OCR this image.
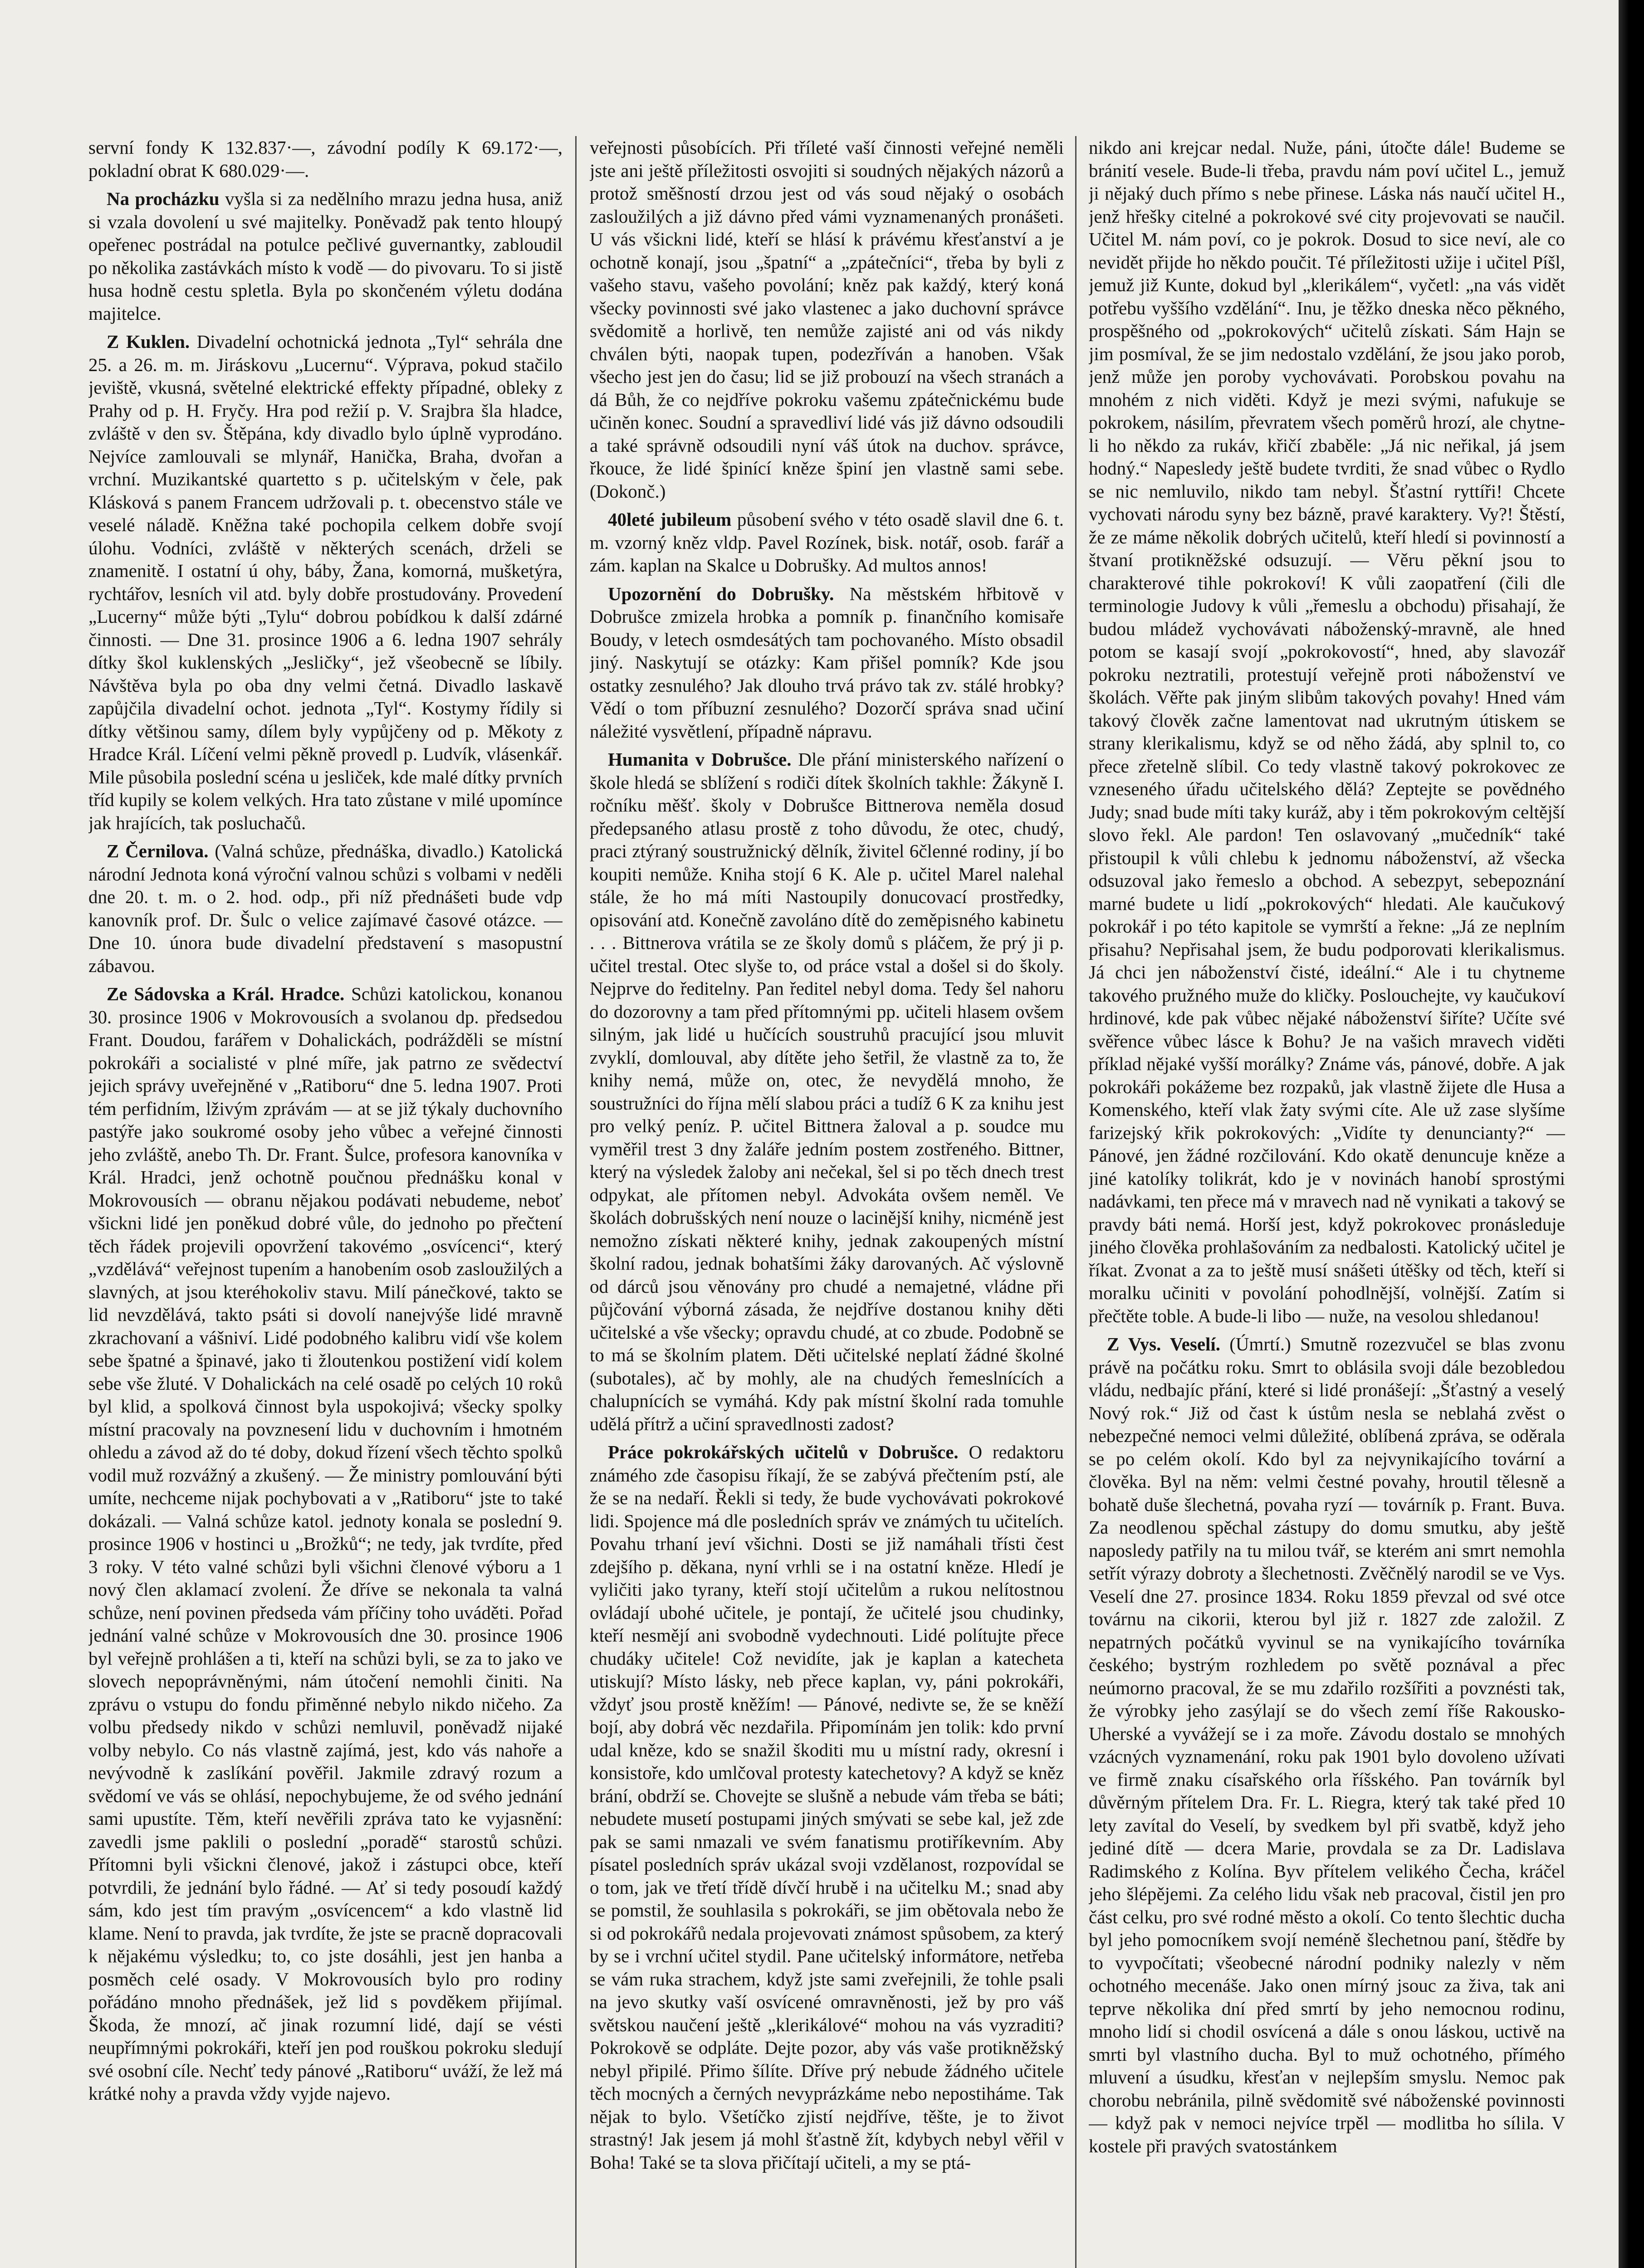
servní fondy K 132.837·—, závodní podíly K 69.172·—, pokladní obrat K 680.029·—.

Na procházku vyšla si za nedělního mrazu jedna husa, aniž si vzala dovolení u své majitelky. Poněvadž pak tento hloupý opeřenec postrádal na potulce pečlivé guvernantky, zabloudil po několika zastávkách místo k vodě — do pivovaru. To si jistě husa hodně cestu spletla. Byla po skončeném výletu dodána majitelce.

Z Kuklen. Divadelní ochotnická jednota „Tyl“ sehrála dne 25. a 26. m. m. Jiráskovu „Lucernu“. Výprava, pokud stačilo jeviště, vkusná, světelné elektrické effekty případné, obleky z Prahy od p. H. Fryčy. Hra pod režií p. V. Srajbra šla hladce, zvláště v den sv. Štěpána, kdy divadlo bylo úplně vyprodáno. Nejvíce zamlouvali se mlynář, Haničk​a, Braha, dvořan a vrchní. Muzikantské quartetto s p. učitelským v čele, pak Klásková s panem Francem udržovali p. t. obecenstvo stále ve veselé náladě. Kněžna také pochopila celkem dobře svojí úlohu. Vodníci, zvláště v některých scenách, drželi se znamenitě. I ostatní ú ohy, báby, Žana, komorná, mušketýra, rychtářov, lesních vil atd. byly dobře prostudovány. Provedení „Lucerny“ může býti „Tylu“ dobrou pobídkou k další zdárné činnosti. — Dne 31. prosince 1906 a 6. ledna 1907 sehrály dítky škol kuklenských „Jesličky“, jež všeobecně se líbily. Návštěva byla po oba dny velmi četná. Divadlo laskavě zapůjčila divadelní ochot. jednota „Tyl“. Kostymy řídily si dítky většinou samy, dílem byly vypůjčeny od p. Měkoty z Hradce Král. Líčení velmi pěkně provedl p. Ludvík, vlásenkář. Mile působila poslední scéna u jesliček, kde malé dítky prvníc​h tříd kupily se kolem velkých. Hra tato zůstane v milé upomínce jak hrajících, tak posluchačů.

Z Černilova. (Valná schůze, přednáška, divadlo.) Katolická národní Jednota koná výroční valnou schůzi s volbami v neděli dne 20. t. m. o 2. hod. odp., při níž přednášeti bude vdp kanovník prof. Dr. Šulc o velice zajímavé časové otázce. — Dne 10. února bude divadelní představení s masopustní zábavou.

Ze Sádovska a Král. Hradce. Schůzi katolickou, konanou 30. prosince 1906 v Mokrovousích a svolanou dp. předsedou Frant. Doudou, farářem v Dohalickách, podrážděli se místní pokrokáři a socialisté v plné míře, jak patrno ze svědectví jejich správy uveřejněné v „Ratiboru“ dne 5. ledna 1907. Proti tém perfidním, lživým zprávám — at se již týkaly duchovního pastýře jako soukromé osoby jeho vůbec a veřejné činnosti jeho zvláště, anebo Th. Dr. Frant. Šulce, profesora kanovníka v Král. Hradci, jenž ochotně poučnou přednášku konal v Mokrovousích — obranu nějakou podávati nebudeme, neboť všickni lidé jen poněkud dobré vůle, do jednoho po přečtení těch řádek projevili opovržení takovémo „osvícenci“, který „vzdělává“ veřejnost tupením a hanobením osob zasloužilých a slavných, at jsou kteréhokoliv stavu. Milí pánečkové, takto se lid nevzdělává, takto psáti si dovolí nanejvýše lidé mravně zkrachovaní a vášniví. Lidé podobného kalibru vidí vše kolem sebe špatné a špinavé, jako ti žloutenkou postižení vidí kolem sebe vše žluté. V Dohalickách na celé osadě po celých 10 roků byl klid, a spolková činnost byla uspokojivá; všecky spolky místní pracovaly na povznesení lidu v duchovním i hmotném ohledu a závod až do té doby, dokud řízení všech těchto spolků vodil muž rozvážný a zkušený. — Že ministry pomlouvání býti umíte, nechceme nijak pochybovati a v „Ratiboru“ jste to také dokázali. — Valná schůze katol. jednoty konala se poslední 9. prosince 1906 v hostinci u „Brožků“; ne tedy, jak tvrdíte, před 3 roky. V této valné schůzi byli všichni členové výboru a 1 nový člen aklamací zvolení. Že dříve se nekonala ta valná schůze, není povinen předseda vám příčiny toho uváděti. Pořad jednání valné schůze v Mokrovousích dne 30. prosince 1906 byl veřejně prohlášen a ti, kteří na schůzi byli, se za to jako ve slovech nepoprávněnými, nám útočení nemohli činiti. Na zprávu o vstupu do fondu přiměnné nebylo nikdo ničeho. Za volbu předsedy nikdo v schůzi nemluvil, poněvadž nijaké volby nebylo. Co nás vlastně zajímá, jest, kdo vás nahoře a nevývodně k zaslíkání pověřil. Jakmile zdravý rozum a svědomí ve vás se ohlásí, nepochybujeme, že od svého jednání sami upustíte. Těm, kteří nevěřili zpráva tato ke vyjasnění: zavedli jsme paklili o poslední „poradě“ starostů schůzi. Přítomni byli všickni členové, jakož i zástupci obce, kteří potvrdili, že jednání bylo řádné. — Ať si tedy posoudí každý sám, kdo jest tím pravým „osvícencem“ a kdo vlastně lid klame. Není to pravda, jak tvrdíte, že jste se pracně dopracovali k nějakému výsledku; to, co jste dosáhli, jest jen hanba a posměch celé osady. V Mokrovousích bylo pro rodiny pořádáno mnoho přednášek, jež lid s povděkem přijímal. Škoda, že mnozí, ač jinak rozumní lidé, dají se vésti neupřímnými pokrokáři, kteří jen pod rouškou pokroku sledují své osobní cíle. Nechť tedy pánové „Ratiboru“ uváží, že lež má krátké nohy a pravda vždy vyjde najevo.

veřejnosti působících. Při tříleté vaší činnosti veřejné neměli jste ani ještě příležitosti osvojiti si soudných nějakých názorů a protož směšností drzou jest od vás soud nějaký o osobách zasloužilých a již dávno před vámi vyznamenaných pronášeti. U vás všickni lidé, kteří se hlásí k právému křesťanství a je ochotně konají, jsou „špatní“ a „zpátečníci“, třeba by byli z vašeho stavu, vašeho povolání; kněz pak každý, který koná všecky povinnosti své jako vlastenec a jako duchovní správce svědomitě a horlivě, ten nemůže zajisté ani od vás nikdy chválen býti, naopak tupen, podezříván a hanoben. Však všecho jest jen do času; lid se již probouzí na všech stranách a dá Bůh, že co nejdříve pokroku vašemu zpátečnickému bude učiněn konec. Soudní a spravedliví lidé vás již dávno odsoudili a také správně odsoudili nyní váš útok na duchov. správce, řkouce, že lidé špinící kněze špiní jen vlastně sami sebe. (Dokonč.)

40leté jubileum působení svého v této osadě slavil dne 6. t. m. vzorný kněz vldp. Pavel Rozínek, bisk. notář, osob. farář a zám. kaplan na Skalce u Dobrušky. Ad multos annos!

Upozornění do Dobrušky. Na městském hřbitově v Dobrušce zmizela hrobka a pomník p. finančního komisaře Boudy, v letech osmdesátých tam pochovaného. Místo obsadil jiný. Naskytují se otázky: Kam přišel pomník? Kde jsou ostatky zesnulého? Jak dlouho trvá právo tak zv. stálé hrobky? Vědí o tom příbuzní zesnulého? Dozorčí správa snad učiní náležité vysvětlení, případně nápravu.

Humanita v Dobrušce. Dle přání ministerského nařízení o škole hledá se sblížení s rodiči dítek školních takhle: Žákyně I. ročníku měšť. školy v Dobrušce Bittnerova neměla dosud předepsaného atlasu prostě z toho důvodu, že otec, chudý, praci ztýraný soustružnický dělník, živitel 6členné rodiny, jí bo koupiti nemůže. Kniha stojí 6 K. Ale p. učitel Marel nalehal stále, že ho má míti Nastoupily donucovací prostředky, opisování atd. Konečně zavoláno dítě do zeměpisného kabinetu . . . Bittnerova vrátila se ze školy domů s pláčem, že prý ji p. učitel trestal. Otec slyše to, od práce vstal a došel si do školy. Nejprve do ředitelny. Pan ředitel nebyl doma. Tedy šel nahoru do dozorovny a tam před přítomnými pp. učiteli hlasem ovšem silným, jak lidé u hučících soustruhů pracující jsou mluvit zvyklí, domlouval, aby dítěte jeho šetřil, že vlastně za to, že knihy nemá, může on, otec, že nevydělá mnoho, že soustružníci do října mělí slabou práci a tudíž 6 K za knihu jest pro velký peníz. P. učitel Bittnera žaloval a p. soudce mu vyměřil trest 3 dny žaláře jedním postem zostřeného. Bittner, který na výsledek žaloby ani nečekal, šel si po těch dnech trest odpykat, ale přítomen nebyl. Advokáta ovšem neměl. Ve školách dobrušských není nouze o lacinější knihy, nicméně jest nemožno získati některé knihy, jednak zakoupených místní školní radou, jednak bohatšími žáky darovaných. Ač výslovně od dárců jsou věnovány pro chudé a nemajetné, vládne při půjčování výborná zásada, že nejdříve dostanou knihy děti učitelské a vše všecky; opravdu chudé, at co zbude. Podobně se to má se školním platem. Děti učitelské neplatí žádné školné (subotales), ač by mohly, ale na chudých řemeslnících a chalupnících se vymáhá. Kdy pak místní školní rada tomuhle udělá přítrž a učiní spravedlnosti zadost?

Práce pokrokářských učitelů v Dobrušce. O redaktoru známého zde časopisu říkají, že se zabývá přečtením pstí, ale že se na nedaří. Řekli si tedy, že bude vychovávati pokrokové lidi. Spojence má dle posledních správ ve známých tu učitelích. Povahu trhaní jeví všichni. Dosti se již namáhali třísti čest zdejšího p. děkana, nyní vrhli se i na ostatní kněze. Hledí je vyličiti jako tyrany, kteří stojí učitelům a rukou nelítostnou ovládají ubohé učitele, je pontají, že učitelé jsou chudinky, kteří nesmějí ani svobodně vydechnouti. Lidé polítujte přece chudáky učitele! Což nevidíte, jak je kaplan a katecheta utiskují? Místo lásky, neb přece kaplan, vy, páni pokrokáři, vždyť jsou prostě kněžím! — Pánové, nedivte se, že se kněží bojí, aby dobrá věc nezdařila. Připomínám jen tolik: kdo první udal kněze, kdo se snažil škoditi mu u místní rady, okresní i konsistoře, kdo umlčoval protesty katechetovy? A když se kněz brání, obdrží se. Chovejte se slušně a nebude vám třeba se báti; nebudete musetí postupami jiných smývati se sebe kal, jež zde pak se sami nmazali ve svém fanatismu protiříkevním. Aby písatel posledních správ ukázal svoji vzdělanost, rozpovídal se o tom, jak ve třetí třídě dívčí hrubě i na učitelku M.; snad aby se pomstil, že souhlasila s pokrokáři, se jim obětovala nebo že si od pokrokářů nedala projevovati známost spůsobem, za který by se i vrchní učitel stydil. Pane učitelský informátore, netřeba se vám ruka strachem, když jste sami zveřejnili, že tohle psali na jevo skutky vaší osvícené omravněnosti, jež by pro váš světskou naučení ještě „klerikálové“ mohou na vás vyzraditi? Pokrokově se odpláte. Dejte pozor, aby vás vaše protikněžský nebyl připilé. Přimo šílíte. Dříve prý nebude žádného učitele těch mocných a černých nevyprázkáme nebo nepostiháme. Tak nějak to bylo. Všetíčko zjistí nejdříve, těšte, je to život strastný! Jak jesem já mohl šťastně žít, kdybych nebyl věřil v Boha! Také se ta slova přičítají učiteli, a my se ptá-

nikdo ani krejcar nedal. Nuže, páni, útočte dále! Budeme se bránití vesele. Bude-li třeba, pravdu nám poví učitel L., jemuž ji nějaký duch přímo s nebe přinese. Láska nás naučí učitel H., jenž hřešky citelné a pokrokové své city projevovati se naučil. Učitel M. nám poví, co je pokrok. Dosud to sice neví, ale co nevidět přijde ho někdo poučit. Té příležitosti užije i učitel Píšl, jemuž již Kunte, dokud byl „klerikálem“, vyčetl: „na vás vidět potřebu vyššího vzdělání“. Inu, je těžko dneska něco pěkného, prospěšného od „pokrokových“ učitelů získati. Sám Hajn se jim posmíval, že se jim nedostalo vzdělání, že jsou jako porob, jenž může jen poroby vychovávati. Porobskou povahu na mnohém z nich viděti. Když je mezi svými, nafukuje se pokrokem, násilím, převratem všech poměrů hrozí, ale chytne-li ho někdo za rukáv, křičí zbaběle: „Já nic neřikal, já jsem hodný.“ Napesledy ještě budete tvrditi, že snad vůbec o Rydlo se nic nemluvilo, nikdo tam nebyl. Šťastní ryttíři! Chcete vychovati národu syny bez bázně, pravé karaktery. Vy?! Štěstí, že ze máme několik dobrých učitelů, kteří hledí si povinností a štvaní protikněžské odsuzují. — Věru pěkní jsou to charakterové tihle pokrokoví! K vůli zaopatření (čili dle terminologie Judovy k vůli „řemeslu a obchodu) přisahají, že budou mládež vychovávati náboženský-mravně, ale hned potom se kasají svojí „pokrokovostí“, hned, aby slavozář pokroku neztratili, protestují veřejně proti náboženství ve školách. Věřte pak jiným slibům takových povahy! Hned vám takový člověk začne lamentovat nad ukrutným útiskem se strany klerikalismu, když se od něho žádá, aby splnil to, co přece zřetelně slíbil. Co tedy vlastně takový pokrokovec ze vzneseného úřadu učitelského dělá? Zeptejte se povědného Judy; snad bude míti taky kuráž, aby i těm pokrokovým celtější slovo řekl. Ale pardon! Ten oslavovaný „mučedník“ také přistoupil k vůli chlebu k jednomu náboženství, až všecka odsuzoval jako řemeslo a obchod. A sebezpyt, sebepoznání marné budete u lidí „pokrokových“ hledati. Ale kaučukový pokrokář i po této kapitole se vymrští a řekne: „Já ze neplním přisahu? Nepřisahal jsem, že budu podporovati klerikalismus. Já chci jen náboženství čisté, ideální.“ Ale i tu chytneme takového pružného muže do kličky. Poslouchejte, vy kaučukoví hrdinové, kde pak vůbec nějaké náboženství šiříte? Učíte své svěřence vůbec lásce k Bohu? Je na vašich mravech viděti příklad nějaké vyšší morálky? Známe vás, pánové, dobře. A jak pokrokáři pokážeme bez rozpaků, jak vlastně žijete dle Husa a Komenského, kteří vlak žaty svými cíte. Ale už zase slyšíme farizejský křik pokrokových: „Vidíte ty denuncianty?“ — Pánové, jen žádné rozčilování. Kdo okatě denuncuje kněze a jiné katolíky tolikrát, kdo je v novinách hanobí sprostými nadávkami, ten přece má v mravech nad ně vynikati a takový se pravdy báti nemá. Horší jest, když pokrokovec pronásleduje jiného člověka prohlašováním za nedbalosti. Katolický učitel je říkat. Zvonat a za to ještě musí snášeti útěšky od těch, kteří si moralku učiniti v povolání pohodlnější, volnější. Zatím si přečtěte toble. A bude-li libo — nuže, na vesolou shledanou!

Z Vys. Veselí. (Úmrtí.) Smutně rozezvučel se blas zvonu právě na počátku roku. Smrt to oblásila svoji dále bezobledou vládu, nedbajíc přání, které si lidé pronášejí: „Šťastný a veselý Nový rok.“ Již od čast k ústům nesla se neblahá zvěst o nebezpečné nemoci velmi důležité, oblíbená zpráva, se oděrala se po celém okolí. Kdo byl za nejvynikajícího tovární a člověka. Byl na něm: velmi čestné povahy, hroutil tělesně a bohatě duše šlechetná, povaha ryzí — továrník p. Frant. Buva. Za neodlenou spěchal zástupy do domu smutku, aby ještě naposledy patřily na tu milou tvář, se kterém ani smrt nemohla setřít výrazy dobroty a šlechetnosti. Zvěčnělý narodil se ve Vys. Veselí dne 27. prosince 1834. Roku 1859 převzal od své otce továrnu na cikorii, kterou byl již r. 1827 zde založil. Z nepatrných počátků vyvinul se na vynikajícího továrníka českého; bystrým rozhledem po světě poznával a přec neúmorno pracoval, že se mu zdařilo rozšířiti a povznésti tak, že výrobky jeho zasýlají se do všech zemí říše Rakousko-Uherské a vyvážejí se i za moře. Závodu dostalo se mnohých vzácných vyznamenání, roku pak 1901 bylo dovoleno užívati ve firmě znaku císařského orla říšského. Pan továrník byl důvěrným přítelem Dra. Fr. L. Riegra, který tak také před 10 lety zavítal do Veselí, by svedkem byl při svatbě, když jeho jediné dítě — dcera Marie, provdala se za Dr. Ladislava Radimského z Kolína. Byv přítelem velikého Čecha, kráčel jeho šlépějemi. Za celého lidu však neb pracoval, čistil jen pro část celku, pro své rodné město a okolí. Co tento šlechtic ducha byl jeho pomocníkem svojí neméně šlechetnou paní, štědře by to vyvpočítati; všeobecné národní podniky nalezly v něm ochotného mecenáše. Jako onen mírný jsouc za živa, tak ani teprve několika dní před smrtí by jeho nemocnou rodinu, mnoho lidí si chodil osvícená a dále s onou láskou, uctivě na smrti byl vlastního ducha. Byl to muž ochotného, přímého mluvení a úsudku, křesťan v nejlepším smyslu. Nemoc pak chorobu nebránila, pilně svědomitě své náboženské povinnosti — když pak v nemoci nejvíce trpěl — modlitba ho sílila. V kostele při pravých svatostánkem
